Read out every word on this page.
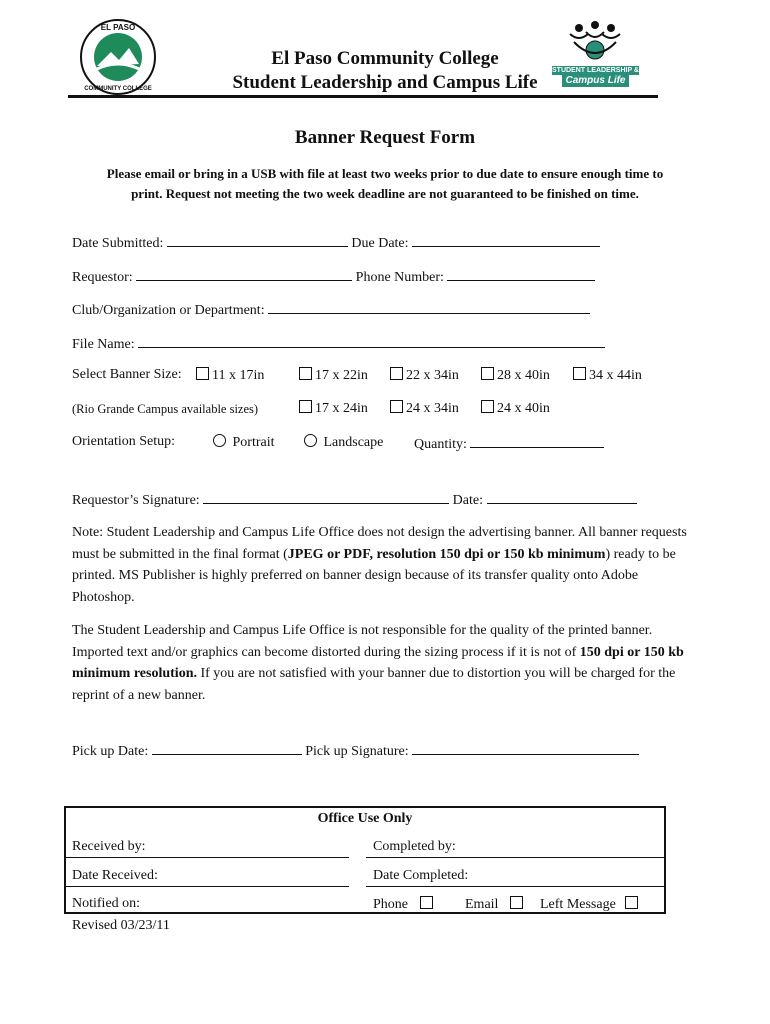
EL PASO
COMMUNITY COLLEGE
El Paso Community College
Student Leadership and Campus Life
STUDENT LEADERSHIP &
Campus Life
Banner Request Form
Please email or bring in a USB with file at least two weeks prior to due date to ensure enough time to
print. Request not meeting the two week deadline are not guaranteed to be finished on time.
Date Submitted:	Due Date:
Requestor:	Phone Number:
Club/Organization or Department:
File Name:
Select Banner Size:	11 x 17in	17 x 22in	22 x 34in	28 x 40in	34 x 44in
(Rio Grande Campus available sizes)	17 x 24in	24 x 34in	24 x 40in
Orientation Setup:	Portrait	Landscape Quantity:
Requestor’s Signature:	Date:
Note: Student Leadership and Campus Life Office does not design the advertising banner. All banner requests must be submitted in the final format (JPEG or PDF, resolution 150 dpi or 150 kb minimum) ready to be printed. MS Publisher is highly preferred on banner design because of its transfer quality onto Adobe Photoshop.
The Student Leadership and Campus Life Office is not responsible for the quality of the printed banner. Imported text and/or graphics can become distorted during the sizing process if it is not of 150 dpi or 150 kb minimum resolution. If you are not satisfied with your banner due to distortion you will be charged for the reprint of a new banner.
Pick up Date:	Pick up Signature:
Office Use Only
Received by:	Completed by:
Date Received:	Date Completed:
Notified on:	Phone	Email	Left Message
Revised 03/23/11
